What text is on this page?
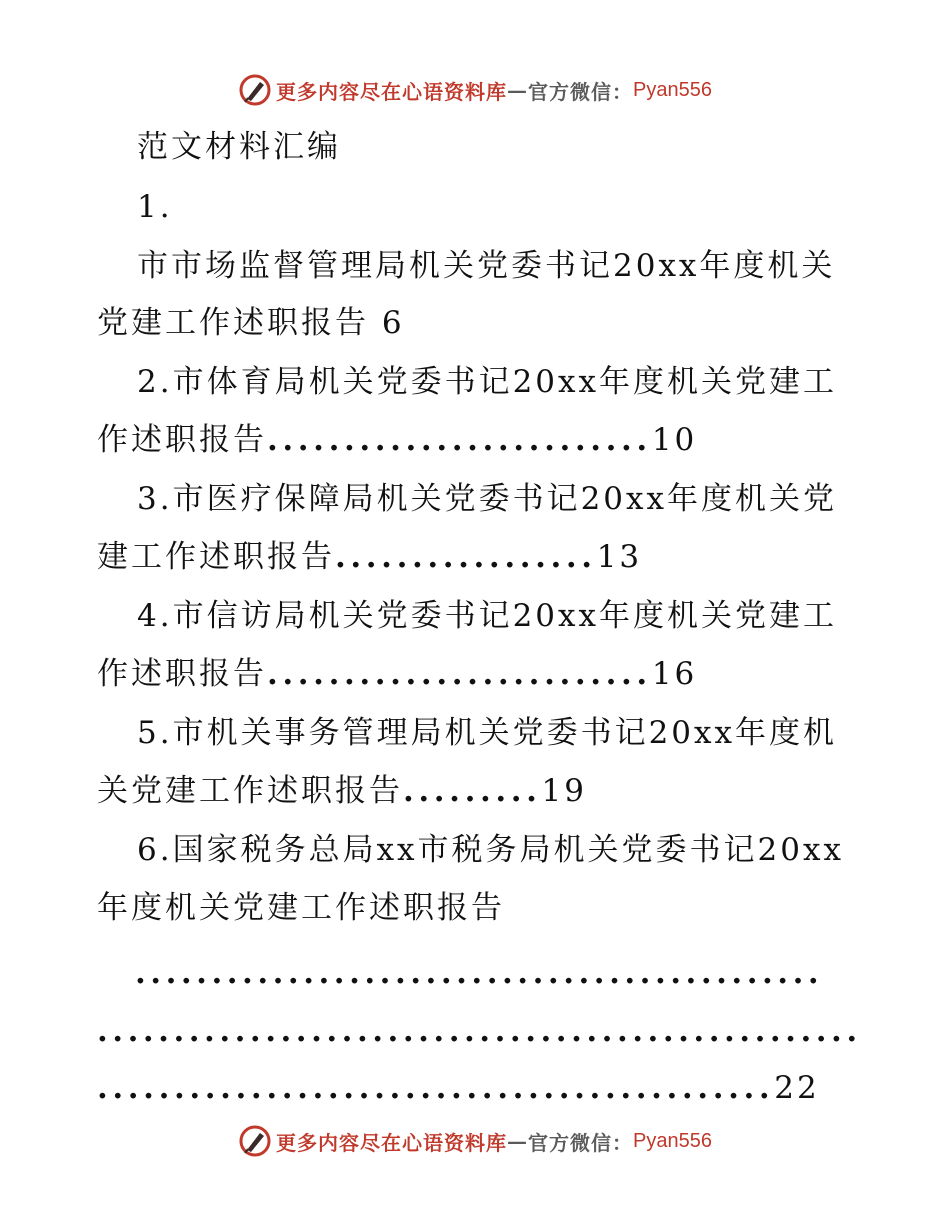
更多内容尽在心语资料库 — 官方微信： Pyan556
范文材料汇编
1.
市市场监督管理局机关党委书记20xx年度机关
党建工作述职报告 6
2.市体育局机关党委书记20xx年度机关党建工
作述职报告.........................10
3.市医疗保障局机关党委书记20xx年度机关党
建工作述职报告.................13
4.市信访局机关党委书记20xx年度机关党建工
作述职报告.........................16
5.市机关事务管理局机关党委书记20xx年度机
关党建工作述职报告.........19
6.国家税务总局xx市税务局机关党委书记20xx
年度机关党建工作述职报告
.............................................
..................................................
............................................22
更多内容尽在心语资料库 — 官方微信： Pyan556
